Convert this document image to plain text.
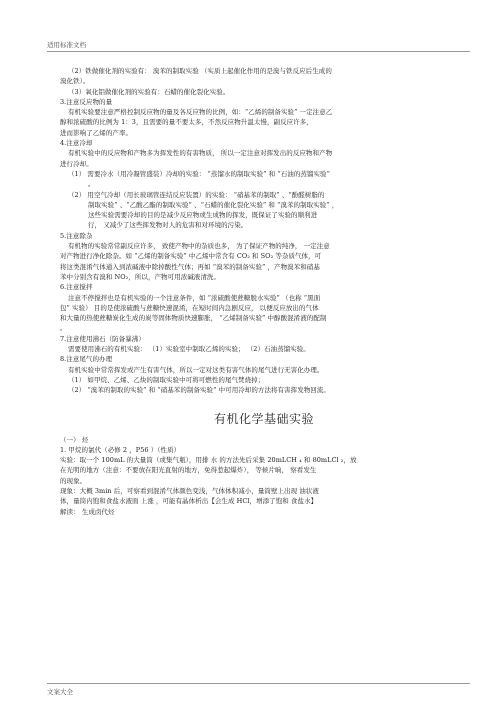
适用标准文档
（2）铁做催化剂的实验有： 溴苯的制取实验 （实质上起催化作用的是溴与铁反应后生成的
溴化铁）。
（3）氧化铝做催化剂的实验有：石蜡的催化裂化实验。
3.注意反应物的量
有机实验要注意严格控制反应物的量及各反应物的比例，如：“乙烯的制备实验” 一定注意乙
醇和浓硫酸的比例为 1：3，且需要的量不要太多，不然反应物升温太慢，副反应许多，
进而影响了乙烯的产率。
4.注意冷却
有机实验中的反应物和产物多为挥发性的有害物质， 所以一定注意对挥发出的反应物和产物
进行冷却。
（1） 需要冷水（用冷凝管盛装）冷却的实验： “蒸馏水的制取实验” 和 “石油的蒸馏实验”
。
（2） 用空气冷却（用长玻璃管连结反应装置）的实验： “硝基苯的制取” 、“酚醛树脂的
制取实验” 、“乙酸乙酯的制取实验” 、“石蜡的催化裂化实验” 和 “溴苯的制取实验” ，
这些实验需要冷却的目的是减少反应物或生成物的挥发，既保证了实验的顺利进
行， 又减少了这些挥发物对人的危害和对环境的污染。
5.注意除杂
有机物的实验常常副反应许多， 致使产物中的杂质也多， 为了保证产物的纯净， 一定注意
对产物进行净化除杂。如 “乙烯的制备实验” 中乙烯中常含有 CO₂ 和 SO₂ 等杂质气体，可
将这类混淆气体通入到浓碱液中除掉酸性气体；再如 “溴苯的制备实验” ，产物溴苯和硝基
苯中分别含有溴和 NO₂，所以，产物可用浓碱液清洗。
6.注意搅拌
注意不停搅拌也是有机实验的一个注意条件，如 “浓硫酸使蔗糖脱水实验” （也称 “黑面
包” 实验） 目的是使浓硫酸与蔗糖快速混淆，在短时间内急剧反应， 以便反应放出的气体
和大量的热使蔗糖炭化生成的炭等固体物质快速膨胀， “乙烯制备实验” 中醇酸混淆液的配制
。
7.注意使用沸石（防备暴沸）
需要使用沸石的有机实验： （1）实验室中制取乙烯的实验； （2）石油蒸馏实验。
8.注意尾气的办理
有机实验中常常挥发或产生有害气体，所以一定对这类有害气体的尾气进行无害化办理。
（1） 如甲烷、乙烯、乙炔的制取实验中可将可燃性的尾气焚烧掉；
（2） “溴苯的制取的实验” 和 “硝基苯的制备实验” 中可用冷却的方法将有害挥发物回流。
有机化学基础实验
（一） 烃
1. 甲烷的氯代（必修 2 ，P56 ）（性质）
实验：取一个 100mL 的大量筒（或集气瓶），用排 水 的方法先后采集 20mLCH ₄ 和 80mLCl ₂，放
在光明的地方（注意：不要放在阳光直射的地方，免得惹起爆炸）， 等候片晌， 察看发生
的现象。
现象：大概 3min 后，可察看到混淆气体颜色变浅，气体体积减小，量筒壁上出现 油状液
体，量筒内饱和食盐水液面 上涨 ，可能有晶体析出【会生成 HCl，增添了饱和 食盐水】
解读： 生成卤代烃
文案大全
